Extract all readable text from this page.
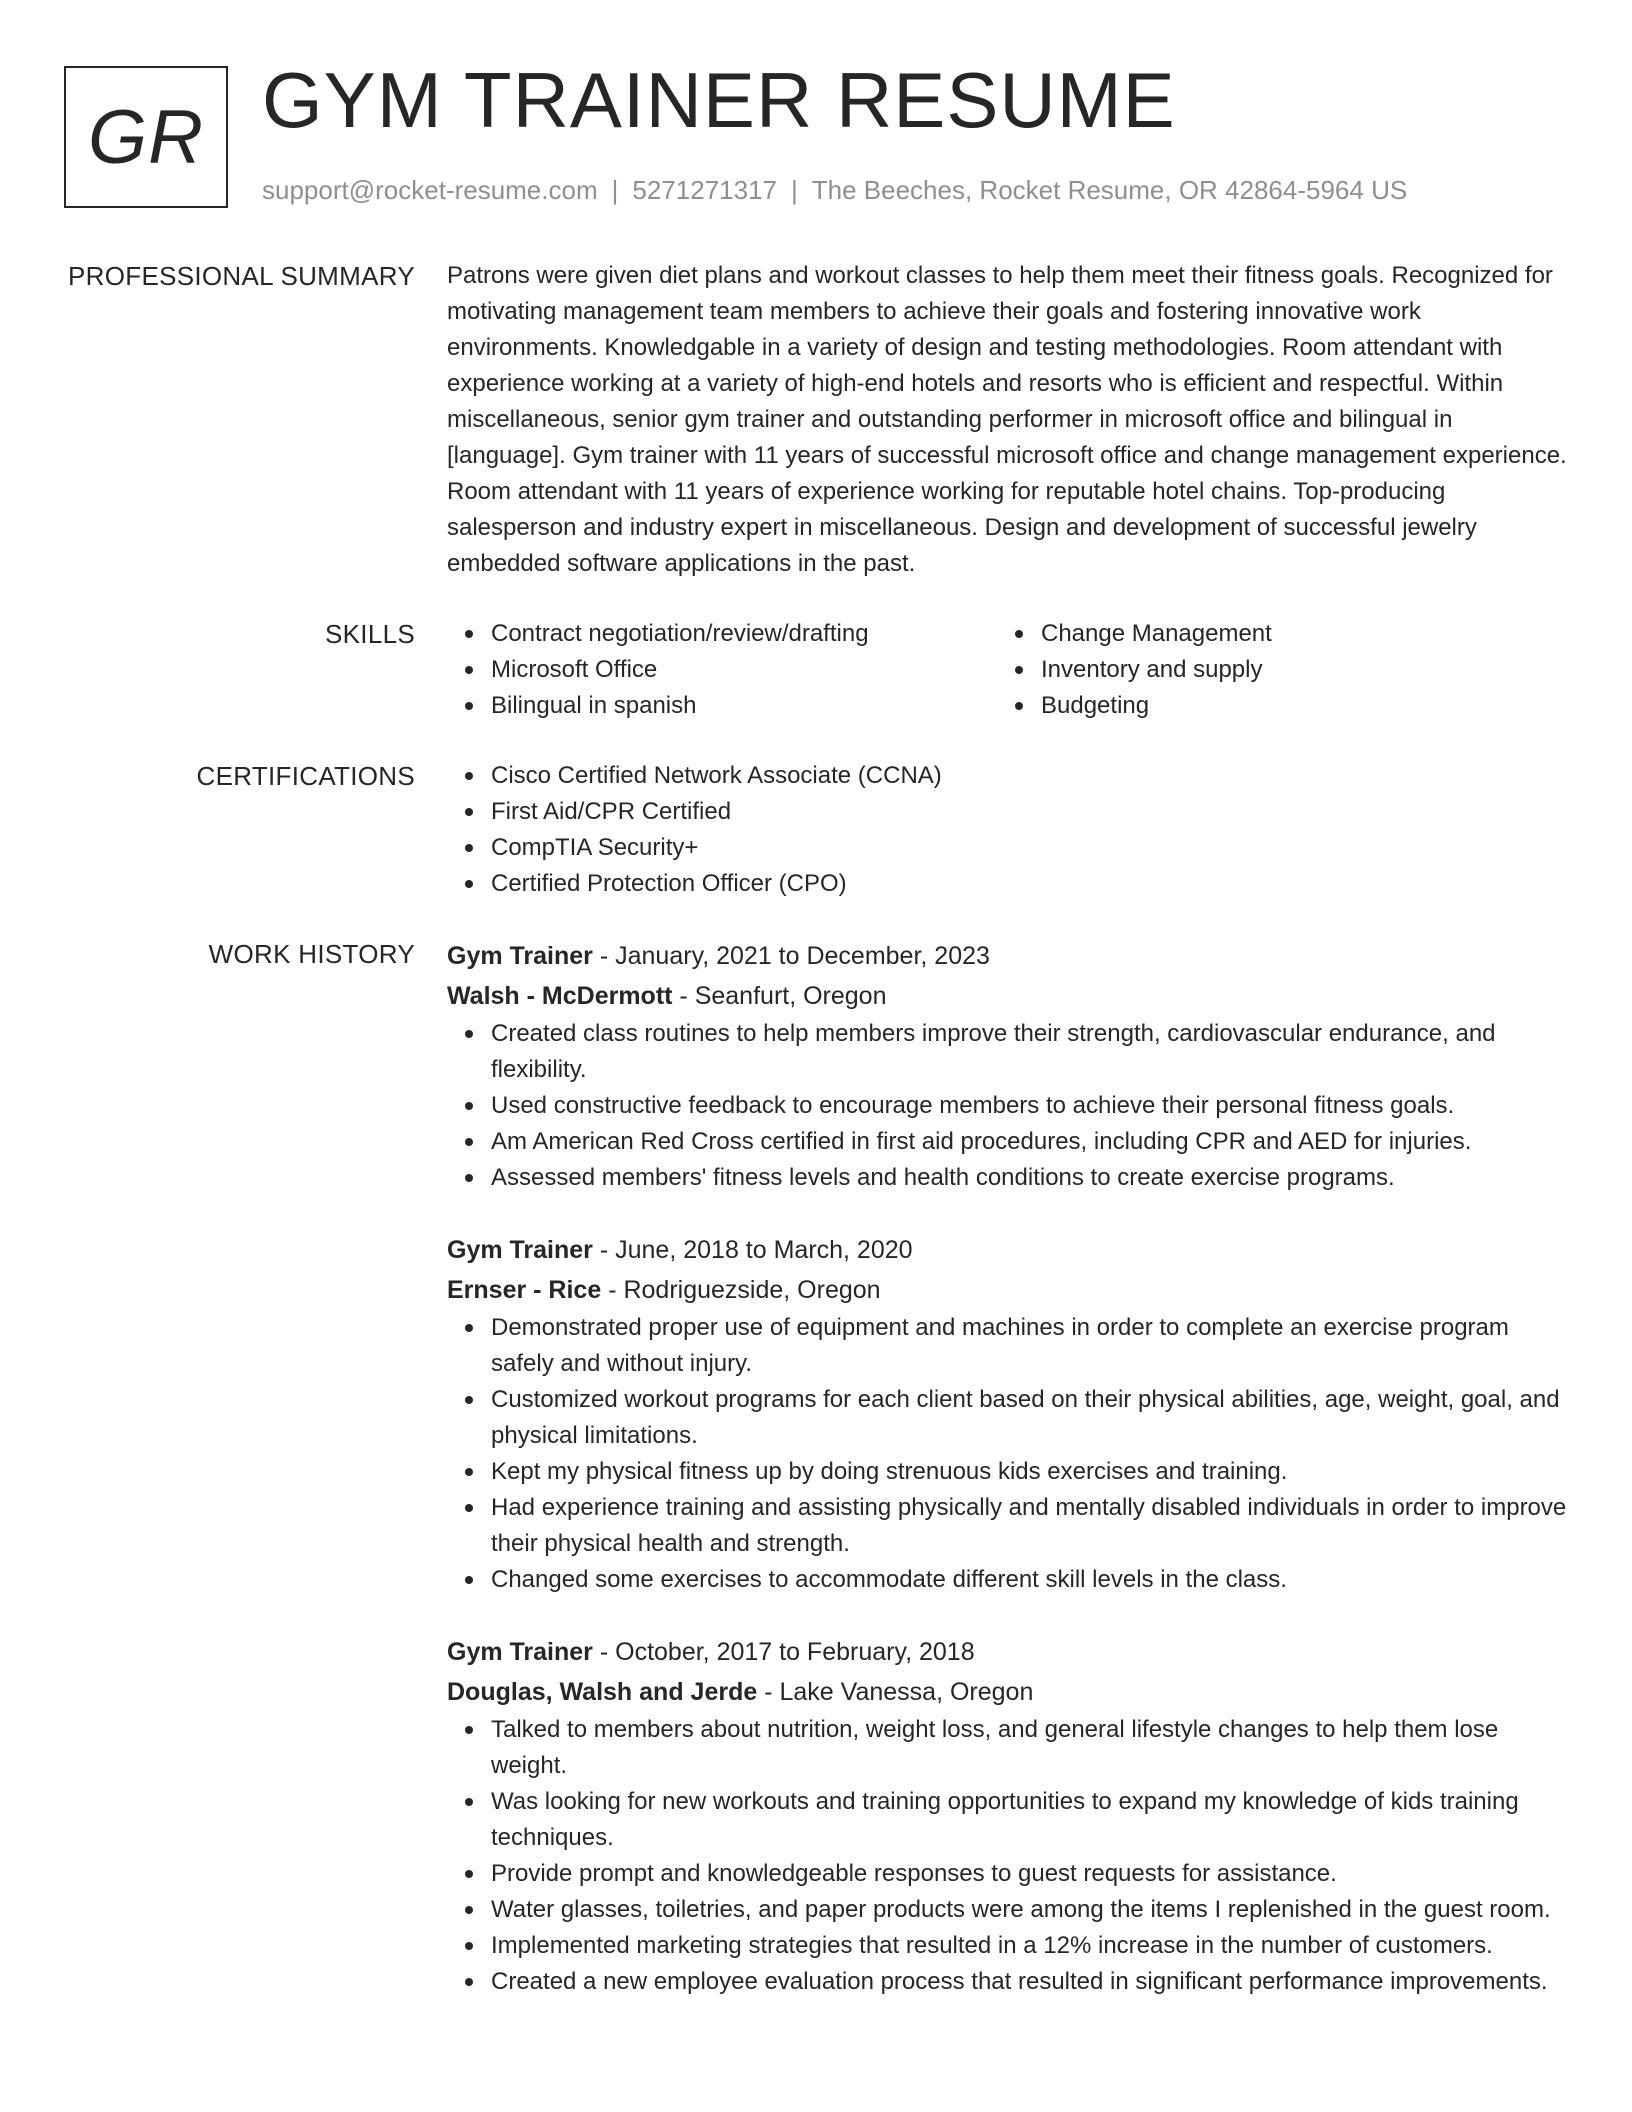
GR GYM TRAINER RESUME
support@rocket-resume.com | 5271271317 | The Beeches, Rocket Resume, OR 42864-5964 US
PROFESSIONAL SUMMARY Patrons were given diet plans and workout classes to help them meet their fitness goals. Recognized for motivating management team members to achieve their goals and fostering innovative work environments. Knowledgable in a variety of design and testing methodologies. Room attendant with experience working at a variety of high-end hotels and resorts who is efficient and respectful. Within miscellaneous, senior gym trainer and outstanding performer in microsoft office and bilingual in [language]. Gym trainer with 11 years of successful microsoft office and change management experience. Room attendant with 11 years of experience working for reputable hotel chains. Top-producing salesperson and industry expert in miscellaneous. Design and development of successful jewelry embedded software applications in the past.

SKILLS	Contract negotiation/review/drafting
Microsoft Office
Bilingual in spanish
Change Management
Inventory and supply
Budgeting
CERTIFICATIONS	Cisco Certified Network Associate (CCNA)
First Aid/CPR Certified
CompTIA Security+
Certified Protection Officer (CPO)
WORK HISTORY Gym Trainer - January, 2021 to December, 2023
Walsh - McDermott - Seanfurt, Oregon
Created class routines to help members improve their strength, cardiovascular endurance, and flexibility.
Used constructive feedback to encourage members to achieve their personal fitness goals.
Am American Red Cross certified in first aid procedures, including CPR and AED for injuries.
Assessed members' fitness levels and health conditions to create exercise programs.
Gym Trainer - June, 2018 to March, 2020
Ernser - Rice - Rodriguezside, Oregon
Demonstrated proper use of equipment and machines in order to complete an exercise program safely and without injury.
Customized workout programs for each client based on their physical abilities, age, weight, goal, and physical limitations.
Kept my physical fitness up by doing strenuous kids exercises and training.
Had experience training and assisting physically and mentally disabled individuals in order to improve their physical health and strength.
Changed some exercises to accommodate different skill levels in the class.
Gym Trainer - October, 2017 to February, 2018
Douglas, Walsh and Jerde - Lake Vanessa, Oregon
Talked to members about nutrition, weight loss, and general lifestyle changes to help them lose weight.
Was looking for new workouts and training opportunities to expand my knowledge of kids training techniques.
Provide prompt and knowledgeable responses to guest requests for assistance.
Water glasses, toiletries, and paper products were among the items I replenished in the guest room.
Implemented marketing strategies that resulted in a 12% increase in the number of customers.
Created a new employee evaluation process that resulted in significant performance improvements.
